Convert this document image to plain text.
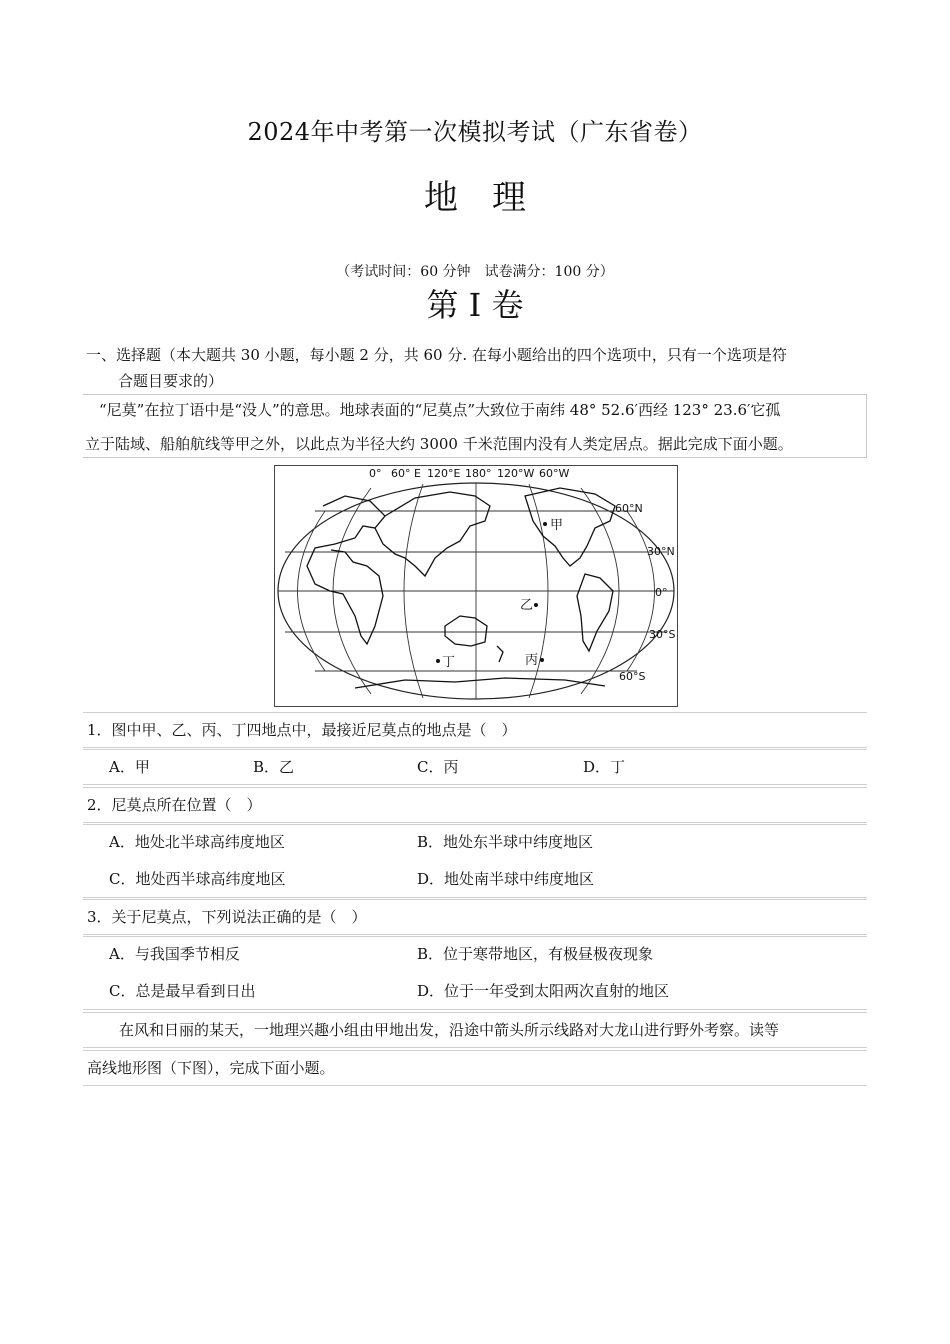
2024年中考第一次模拟考试（广东省卷）
地　理
（考试时间：60 分钟　试卷满分：100 分）
第 I 卷
一、选择题（本大题共 30 小题，每小题 2 分，共 60 分. 在每小题给出的四个选项中，只有一个选项是符
合题目要求的）
“尼莫”在拉丁语中是“没人”的意思。地球表面的“尼莫点”大致位于南纬 48° 52.6′西经 123° 23.6′它孤
立于陆域、船舶航线等甲之外，以此点为半径大约 3000 千米范围内没有人类定居点。据此完成下面小题。
0° 60° E 120°E 180° 120°W 60°W
60°N
30°N
0°
30°S
60°S
甲
乙
丙
丁
1．图中甲、乙、丙、丁四地点中，最接近尼莫点的地点是（　）
A．甲	B．乙	C．丙	D．丁
2．尼莫点所在位置（　）
A．地处北半球高纬度地区	B．地处东半球中纬度地区
C．地处西半球高纬度地区	D．地处南半球中纬度地区
3．关于尼莫点，下列说法正确的是（　）
A．与我国季节相反	B．位于寒带地区，有极昼极夜现象
C．总是最早看到日出	D．位于一年受到太阳两次直射的地区
在风和日丽的某天，一地理兴趣小组由甲地出发，沿途中箭头所示线路对大龙山进行野外考察。读等
高线地形图（下图），完成下面小题。
